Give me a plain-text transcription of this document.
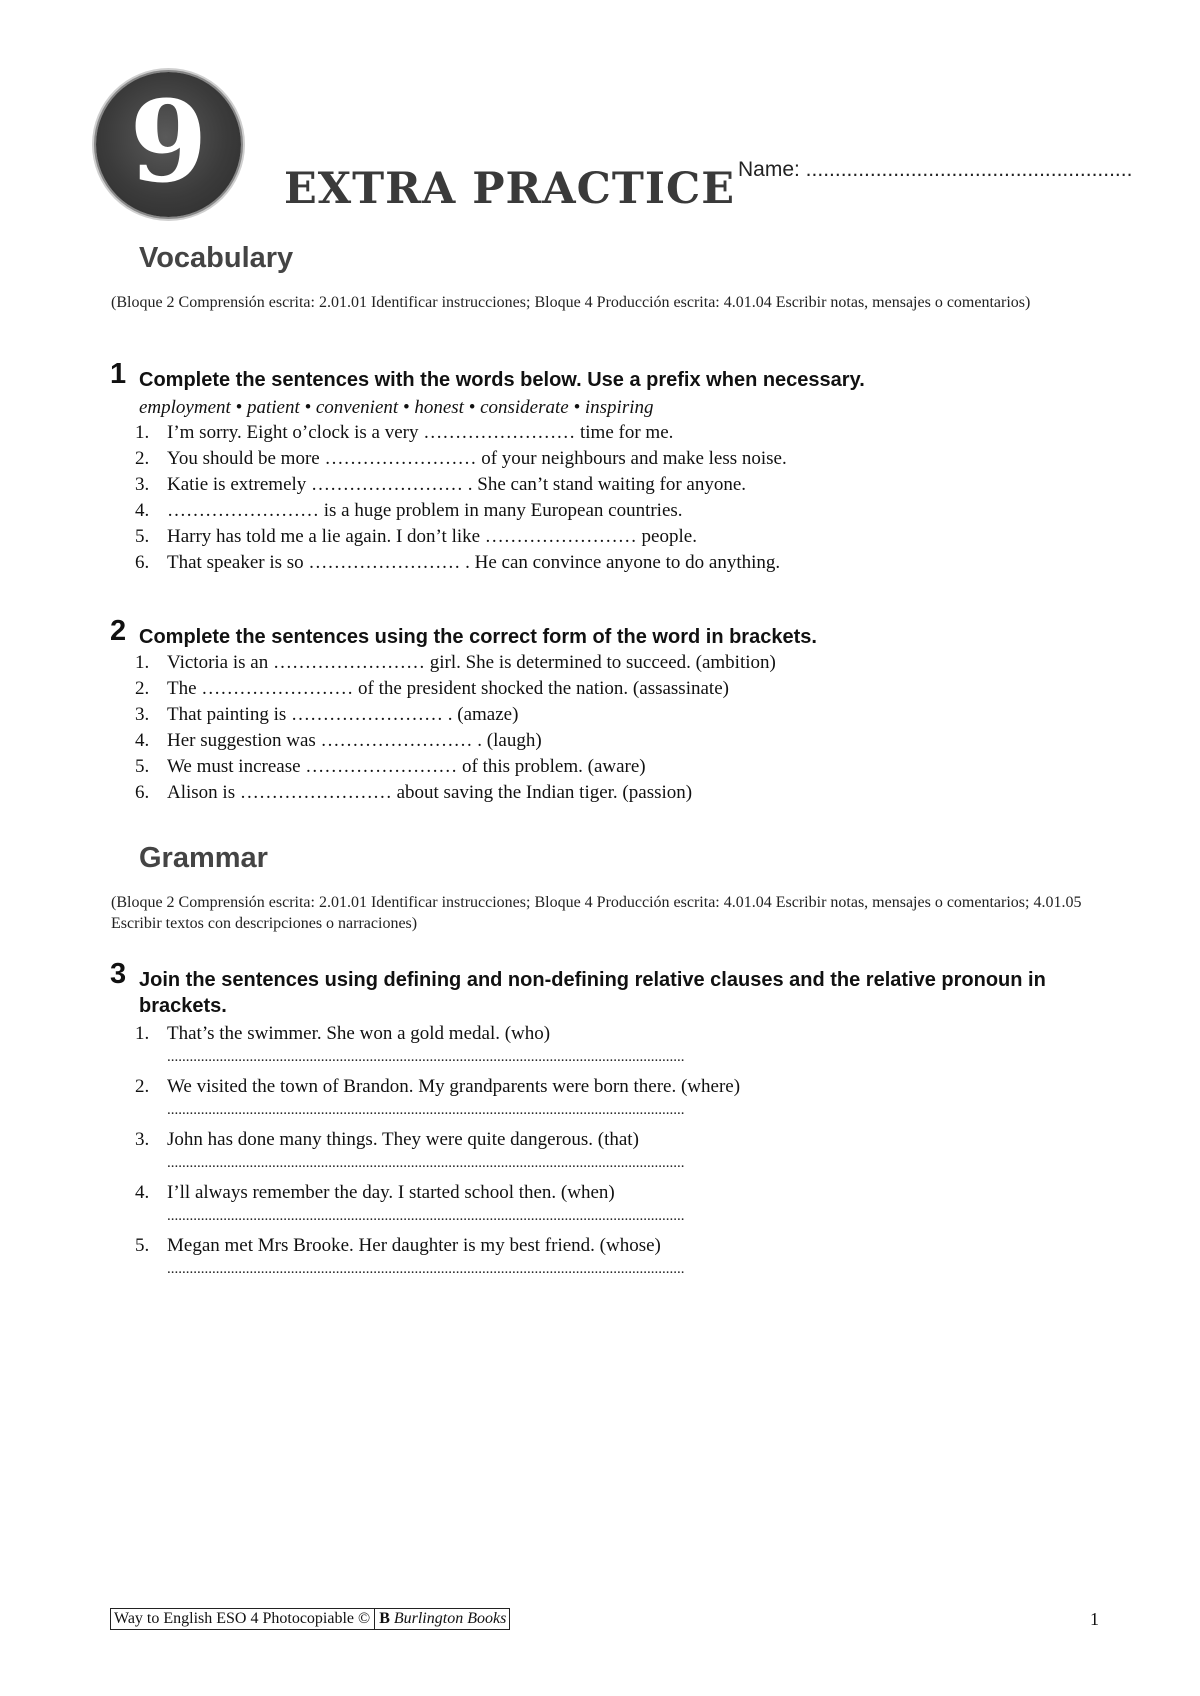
9	EXTRA PRACTICE Name: ........................................................
Vocabulary
(Bloque 2 Comprensión escrita: 2.01.01 Identificar instrucciones; Bloque 4 Producción escrita: 4.01.04 Escribir notas, mensajes o comentarios)
1 Complete the sentences with the words below. Use a prefix when necessary.
employment • patient • convenient • honest • considerate • inspiring
1. I’m sorry. Eight o’clock is a very …………………… time for me.
2. You should be more …………………… of your neighbours and make less noise.
3. Katie is extremely …………………… . She can’t stand waiting for anyone.
4. …………………… is a huge problem in many European countries.
5. Harry has told me a lie again. I don’t like …………………… people.
6. That speaker is so …………………… . He can convince anyone to do anything.
2 Complete the sentences using the correct form of the word in brackets.
1. Victoria is an …………………… girl. She is determined to succeed. (ambition)
2. The …………………… of the president shocked the nation. (assassinate)
3. That painting is …………………… . (amaze)
4. Her suggestion was …………………… . (laugh)
5. We must increase …………………… of this problem. (aware)
6. Alison is …………………… about saving the Indian tiger. (passion)
Grammar
(Bloque 2 Comprensión escrita: 2.01.01 Identificar instrucciones; Bloque 4 Producción escrita: 4.01.04 Escribir notas, mensajes o comentarios; 4.01.05 Escribir textos con descripciones o narraciones)
3 Join the sentences using defining and non-defining relative clauses and the relative pronoun in brackets.
1. That’s the swimmer. She won a gold medal. (who)
..........................................................................................................................................
2. We visited the town of Brandon. My grandparents were born there. (where)
..........................................................................................................................................
3. John has done many things. They were quite dangerous. (that)
..........................................................................................................................................
4. I’ll always remember the day. I started school then. (when)
..........................................................................................................................................
5. Megan met Mrs Brooke. Her daughter is my best friend. (whose)
..........................................................................................................................................
Way to English ESO 4 Photocopiable © B Burlington Books	1
